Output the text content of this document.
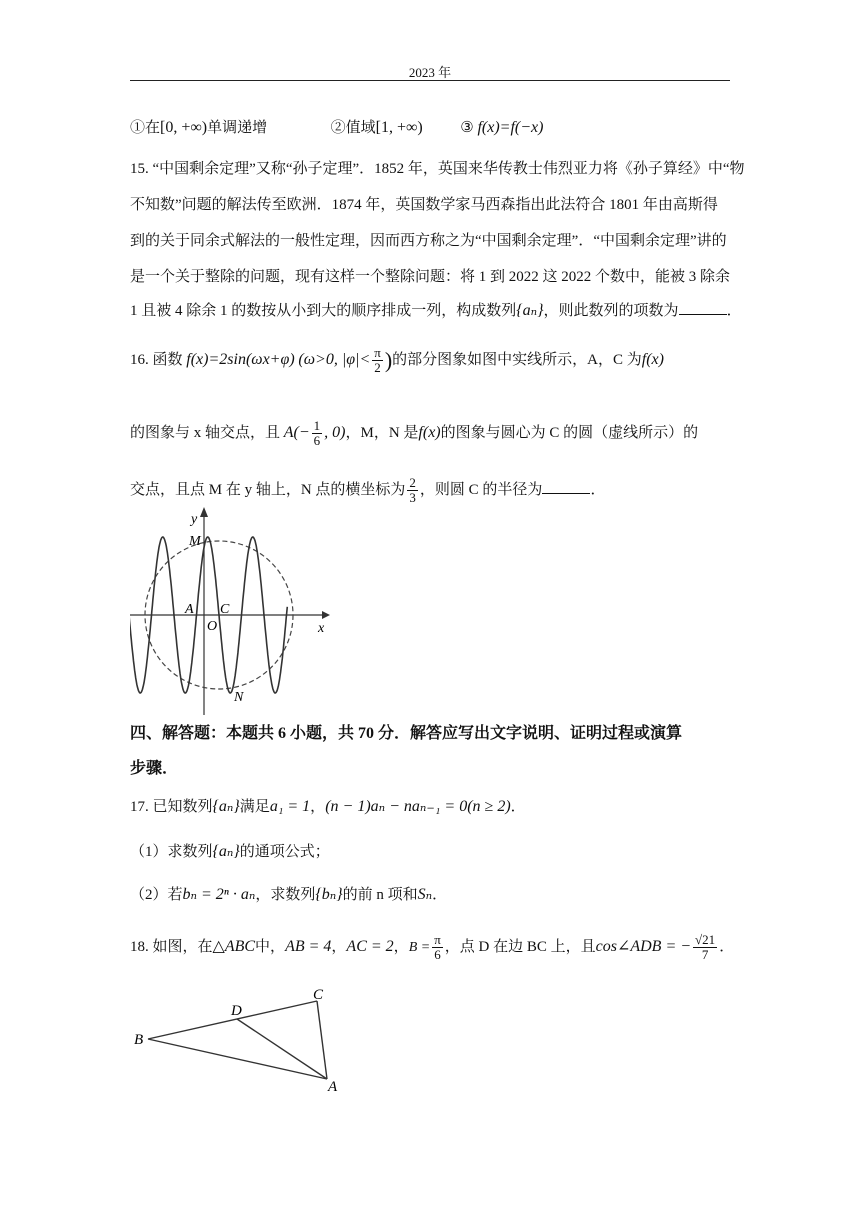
2023 年
①在[0, +∞)单调递增	②值域[1, +∞)	③ f(x)=f(−x)
15. “中国剩余定理”又称“孙子定理”．1852 年，英国来华传教士伟烈亚力将《孙子算经》中“物
不知数”问题的解法传至欧洲．1874 年，英国数学家马西森指出此法符合 1801 年由高斯得
到的关于同余式解法的一般性定理，因而西方称之为“中国剩余定理”．“中国剩余定理”讲的
是一个关于整除的问题，现有这样一个整除问题：将 1 到 2022 这 2022 个数中，能被 3 除余
1 且被 4 除余 1 的数按从小到大的顺序排成一列，构成数列{aₙ}，则此数列的项数为	．
16. 函数 f(x)=2sin(ωx+φ) (ω>0, $|\varphi|< \frac{\pi}{2}$ )的部分图象如图中实线所示，A，C 为f(x)
的图象与 x 轴交点，且 $A(- \frac{1}{6}$ , 0)，M，N 是f(x)的图象与圆心为 C 的圆（虚线所示）的
交点，且点 M 在 y 轴上，N 点的横坐标为 $\frac{2}{3}$ ，则圆 C 的半径为	．
y
x
M
A C
O
N
四、解答题：本题共 6 小题，共 70 分．解答应写出文字说明、证明过程或演算
步骤．
17. 已知数列{aₙ}满足a₁ = 1，(n − 1)aₙ − naₙ₋₁ = 0(n ≥ 2)．
（1）求数列{aₙ}的通项公式；
（2）若bₙ = 2ⁿ · aₙ，求数列{bₙ}的前 n 项和Sₙ．
18. 如图，在△ABC中，AB = 4，AC = 2，$B = \frac{\pi}{6}$ ，点 D 在边 BC 上，且cos∠ADB = − $\frac{√21}{7}$ ．
B
D
C
A
